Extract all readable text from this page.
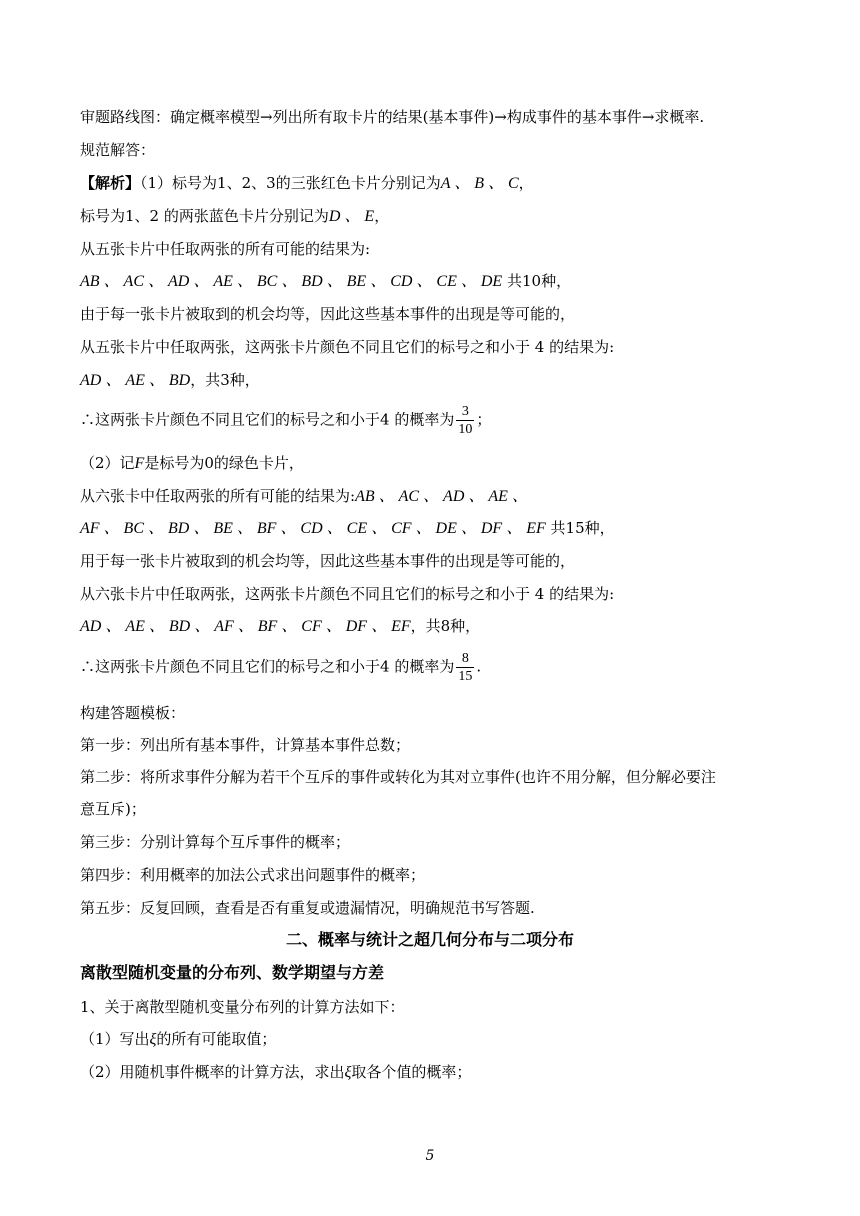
审题路线图：确定概率模型→列出所有取卡片的结果(基本事件)→构成事件的基本事件→求概率.
规范解答：
【解析】（1）标号为1、2、3的三张红色卡片分别记为A 、 B 、 C，
标号为1、2 的两张蓝色卡片分别记为D 、 E，
从五张卡片中任取两张的所有可能的结果为:
AB 、 AC 、 AD 、 AE 、 BC 、 BD 、 BE 、 CD 、 CE 、 DE 共10种，
由于每一张卡片被取到的机会均等，因此这些基本事件的出现是等可能的，
从五张卡片中任取两张，这两张卡片颜色不同且它们的标号之和小于 4 的结果为:
AD 、 AE 、 BD，共3种，
∴这两张卡片颜色不同且它们的标号之和小于4 的概率为 $\frac{3}{10}$ ；
（2）记F是标号为0的绿色卡片，
从六张卡中任取两张的所有可能的结果为:AB 、 AC 、 AD 、 AE 、
AF 、 BC 、 BD 、 BE 、 BF 、 CD 、 CE 、 CF 、 DE 、 DF 、 EF 共15种，
用于每一张卡片被取到的机会均等，因此这些基本事件的出现是等可能的，
从六张卡片中任取两张，这两张卡片颜色不同且它们的标号之和小于 4 的结果为:
AD 、 AE 、 BD 、 AF 、 BF 、 CF 、 DF 、 EF，共8种，
∴这两张卡片颜色不同且它们的标号之和小于4 的概率为 $\frac{8}{15}$ .
构建答题模板：
第一步：列出所有基本事件，计算基本事件总数；
第二步：将所求事件分解为若干个互斥的事件或转化为其对立事件(也许不用分解，但分解必要注
意互斥)；
第三步：分别计算每个互斥事件的概率；
第四步：利用概率的加法公式求出问题事件的概率；
第五步：反复回顾，查看是否有重复或遗漏情况，明确规范书写答题.
二、概率与统计之超几何分布与二项分布
离散型随机变量的分布列、数学期望与方差
1、关于离散型随机变量分布列的计算方法如下：
（1）写出ξ的所有可能取值；
（2）用随机事件概率的计算方法，求出ξ取各个值的概率；
5
